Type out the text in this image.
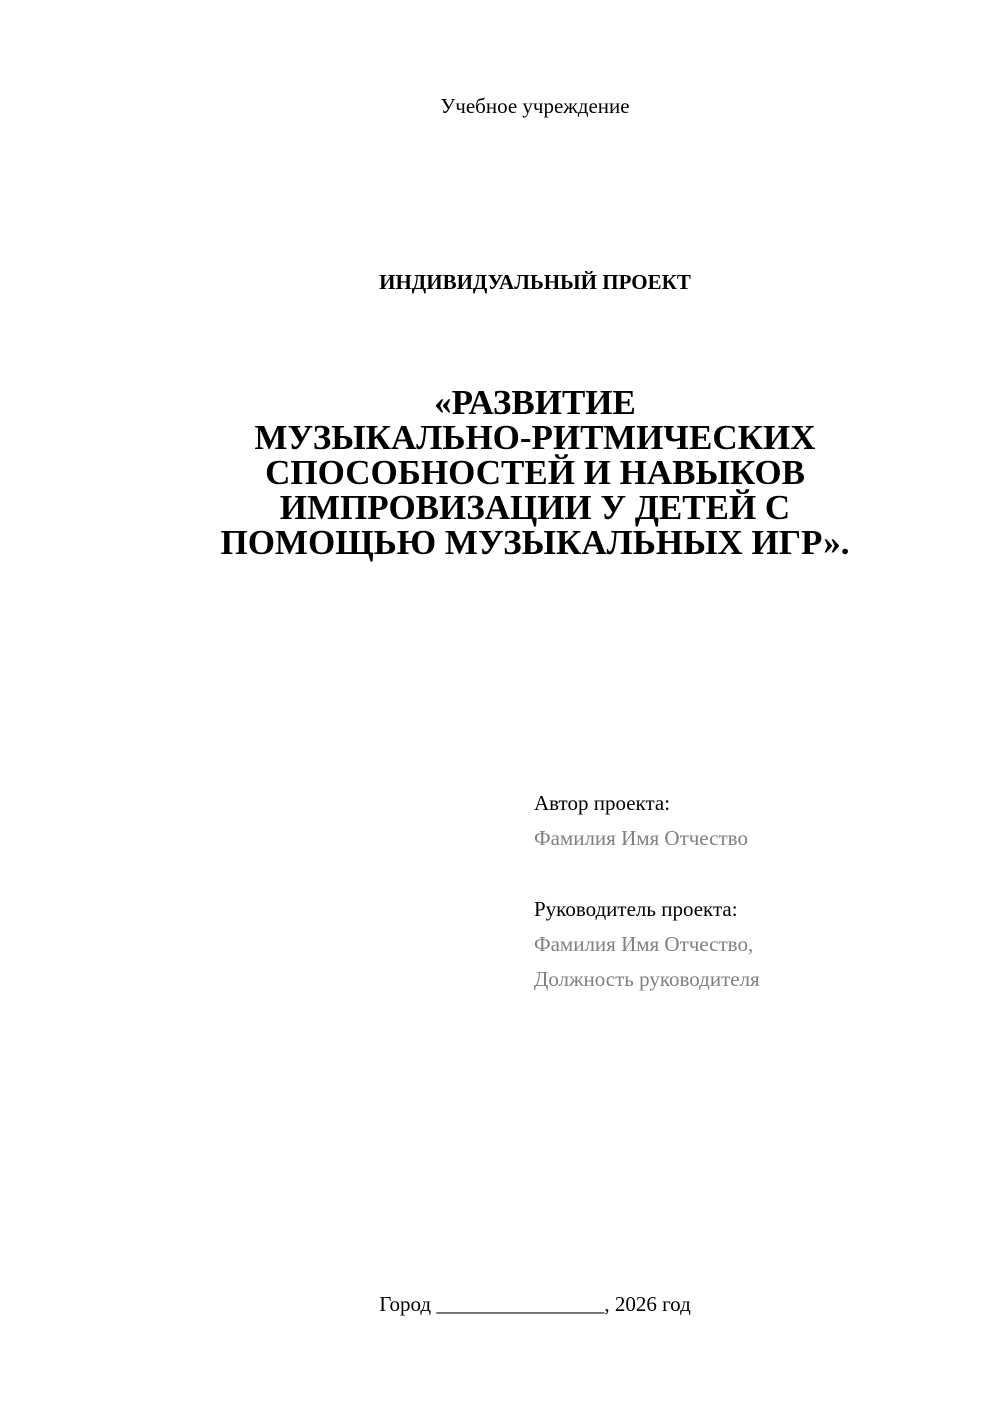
Учебное учреждение
ИНДИВИДУАЛЬНЫЙ ПРОЕКТ
«РАЗВИТИЕ
МУЗЫКАЛЬНО-РИТМИЧЕСКИХ
СПОСОБНОСТЕЙ И НАВЫКОВ
ИМПРОВИЗАЦИИ У ДЕТЕЙ С
ПОМОЩЬЮ МУЗЫКАЛЬНЫХ ИГР».
Автор проекта:
Фамилия Имя Отчество
Руководитель проекта:
Фамилия Имя Отчество,
Должность руководителя
Город ________________, 2026 год
